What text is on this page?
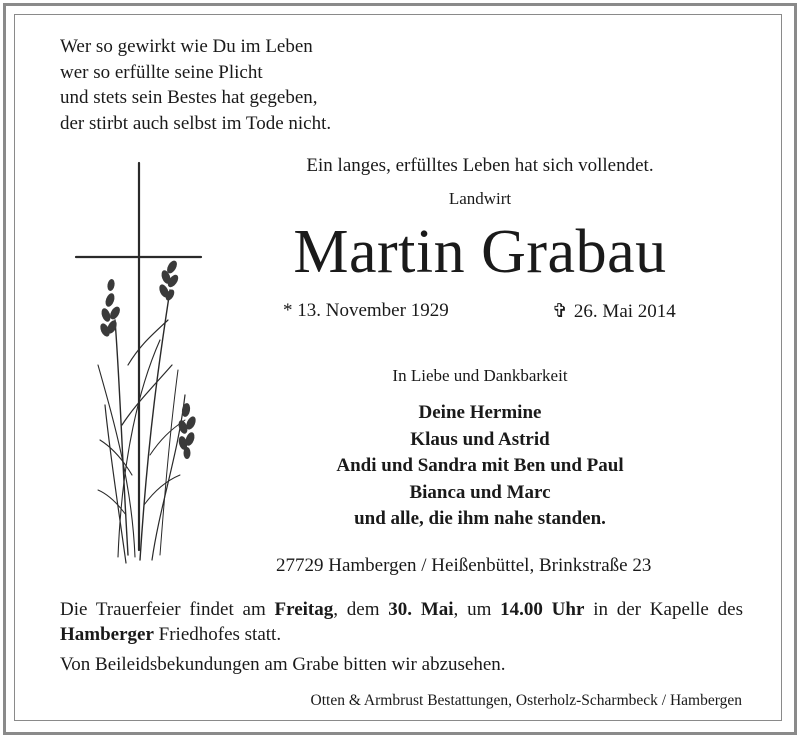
Wer so gewirkt wie Du im Leben
wer so erfüllte seine Plicht
und stets sein Bestes hat gegeben,
der stirbt auch selbst im Tode nicht.
Ein langes, erfülltes Leben hat sich vollendet.
Landwirt
Martin Grabau
* 13. November 1929	✞ 26. Mai 2014
In Liebe und Dankbarkeit
Deine Hermine
Klaus und Astrid
Andi und Sandra mit Ben und Paul
Bianca und Marc
und alle, die ihm nahe standen.
27729 Hambergen / Heißenbüttel, Brinkstraße 23
Die Trauerfeier findet am Freitag, dem 30. Mai, um 14.00 Uhr in der Kapelle des Hamberger Friedhofes statt.
Von Beileidsbekundungen am Grabe bitten wir abzusehen.
Otten & Armbrust Bestattungen, Osterholz-Scharmbeck / Hambergen
